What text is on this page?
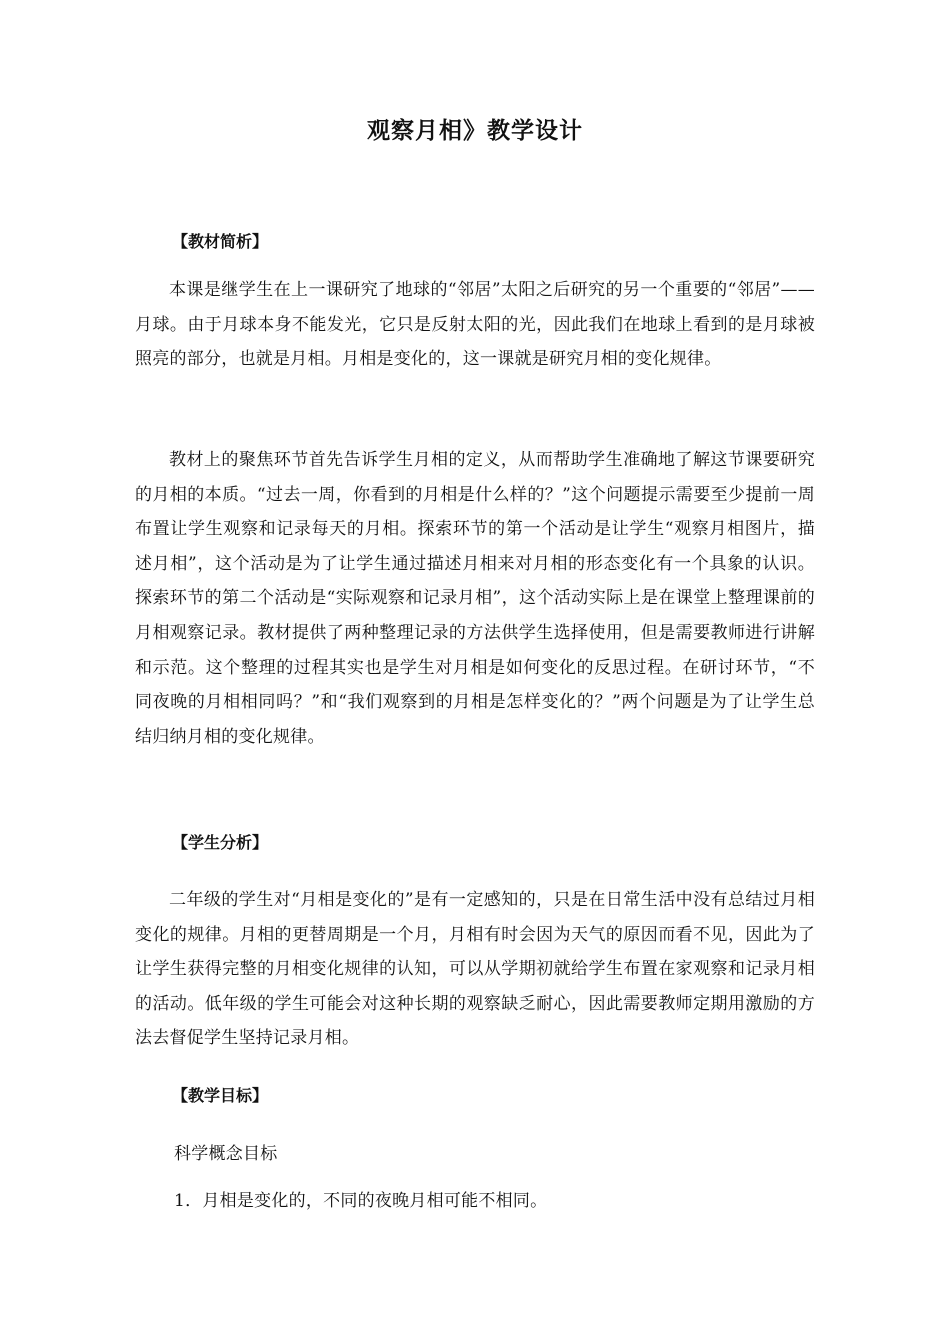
观察月相》教学设计
【教材简析】

本课是继学生在上一课研究了地球的“邻居”太阳之后研究的另一个重要的“邻居”——月球。由于月球本身不能发光，它只是反射太阳的光，因此我们在地球上看到的是月球被照亮的部分，也就是月相。月相是变化的，这一课就是研究月相的变化规律。

教材上的聚焦环节首先告诉学生月相的定义，从而帮助学生准确地了解这节课要研究的月相的本质。“过去一周，你看到的月相是什么样的？”这个问题提示需要至少提前一周布置让学生观察和记录每天的月相。探索环节的第一个活动是让学生“观察月相图片，描述月相”，这个活动是为了让学生通过描述月相来对月相的形态变化有一个具象的认识。探索环节的第二个活动是“实际观察和记录月相”，这个活动实际上是在课堂上整理课前的月相观察记录。教材提供了两种整理记录的方法供学生选择使用，但是需要教师进行讲解和示范。这个整理的过程其实也是学生对月相是如何变化的反思过程。在研讨环节，“不同夜晚的月相相同吗？”和“我们观察到的月相是怎样变化的？”两个问题是为了让学生总结归纳月相的变化规律。

【学生分析】

二年级的学生对“月相是变化的”是有一定感知的，只是在日常生活中没有总结过月相变化的规律。月相的更替周期是一个月，月相有时会因为天气的原因而看不见，因此为了让学生获得完整的月相变化规律的认知，可以从学期初就给学生布置在家观察和记录月相的活动。低年级的学生可能会对这种长期的观察缺乏耐心，因此需要教师定期用激励的方法去督促学生坚持记录月相。

【教学目标】
科学概念目标
1．月相是变化的，不同的夜晚月相可能不相同。
